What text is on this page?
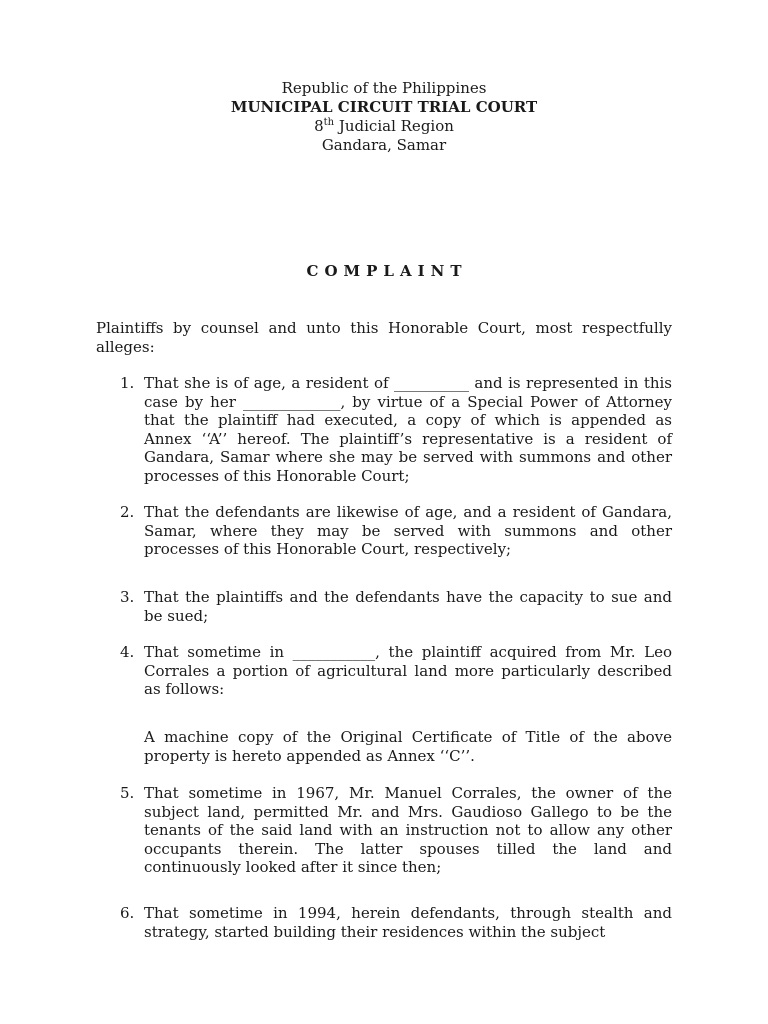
Republic of the Philippines
MUNICIPAL CIRCUIT TRIAL COURT
8th Judicial Region
Gandara, Samar
COMPLAINT
Plaintiffs by counsel and unto this Honorable Court, most respectfully alleges:
1. That she is of age, a resident of __________ and is represented in this case by her _____________, by virtue of a Special Power of Attorney that the plaintiff had executed, a copy of which is appended as Annex ‘‘A’’ hereof. The plaintiff’s representative is a resident of Gandara, Samar where she may be served with summons and other processes of this Honorable Court;
2. That the defendants are likewise of age, and a resident of Gandara, Samar, where they may be served with summons and other processes of this Honorable Court, respectively;
3. That the plaintiffs and the defendants have the capacity to sue and be sued;
4. That sometime in ___________, the plaintiff acquired from Mr. Leo Corrales a portion of agricultural land more particularly described as follows:
A machine copy of the Original Certificate of Title of the above property is hereto appended as Annex ‘‘C’’.
5. That sometime in 1967, Mr. Manuel Corrales, the owner of the subject land, permitted Mr. and Mrs. Gaudioso Gallego to be the tenants of the said land with an instruction not to allow any other occupants therein. The latter spouses tilled the land and continuously looked after it since then;
6. That sometime in 1994, herein defendants, through stealth and strategy, started building their residences within the subject
